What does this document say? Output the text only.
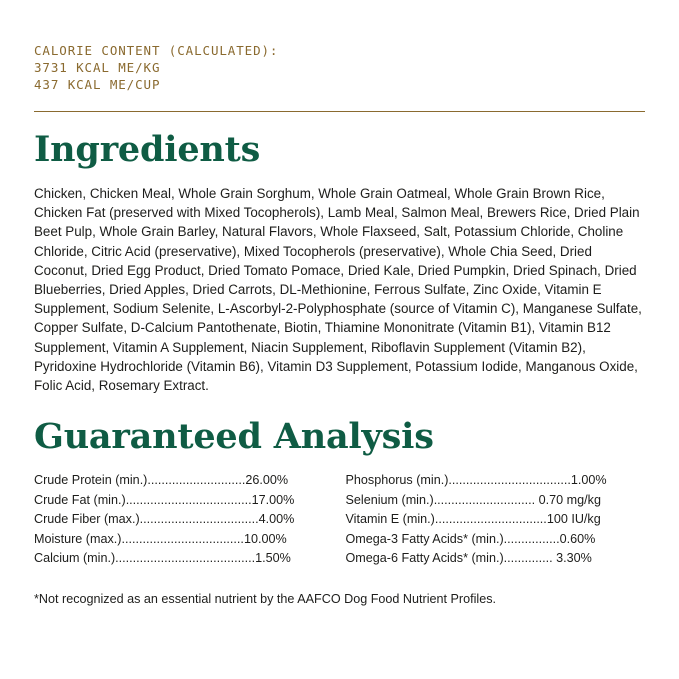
CALORIE CONTENT (CALCULATED):
3731 KCAL ME/KG
437 KCAL ME/CUP
Ingredients

Chicken, Chicken Meal, Whole Grain Sorghum, Whole Grain Oatmeal, Whole Grain Brown Rice, Chicken Fat (preserved with Mixed Tocopherols), Lamb Meal, Salmon Meal, Brewers Rice, Dried Plain Beet Pulp, Whole Grain Barley, Natural Flavors, Whole Flaxseed, Salt, Potassium Chloride, Choline Chloride, Citric Acid (preservative), Mixed Tocopherols (preservative), Whole Chia Seed, Dried Coconut, Dried Egg Product, Dried Tomato Pomace, Dried Kale, Dried Pumpkin, Dried Spinach, Dried Blueberries, Dried Apples, Dried Carrots, DL-Methionine, Ferrous Sulfate, Zinc Oxide, Vitamin E Supplement, Sodium Selenite, L-Ascorbyl-2-Polyphosphate (source of Vitamin C), Manganese Sulfate, Copper Sulfate, D-Calcium Pantothenate, Biotin, Thiamine Mononitrate (Vitamin B1), Vitamin B12 Supplement, Vitamin A Supplement, Niacin Supplement, Riboflavin Supplement (Vitamin B2), Pyridoxine Hydrochloride (Vitamin B6), Vitamin D3 Supplement, Potassium Iodide, Manganous Oxide, Folic Acid, Rosemary Extract.

Guaranteed Analysis
Crude Protein (min.)............................26.00%
Crude Fat (min.)....................................17.00%
Crude Fiber (max.)..................................4.00%
Moisture (max.)...................................10.00%
Calcium (min.)........................................1.50%
Phosphorus (min.)...................................1.00%
Selenium (min.)............................. 0.70 mg/kg
Vitamin E (min.)................................100 IU/kg
Omega-3 Fatty Acids* (min.)................0.60%
Omega-6 Fatty Acids* (min.).............. 3.30%
*Not recognized as an essential nutrient by the AAFCO Dog Food Nutrient Profiles.
